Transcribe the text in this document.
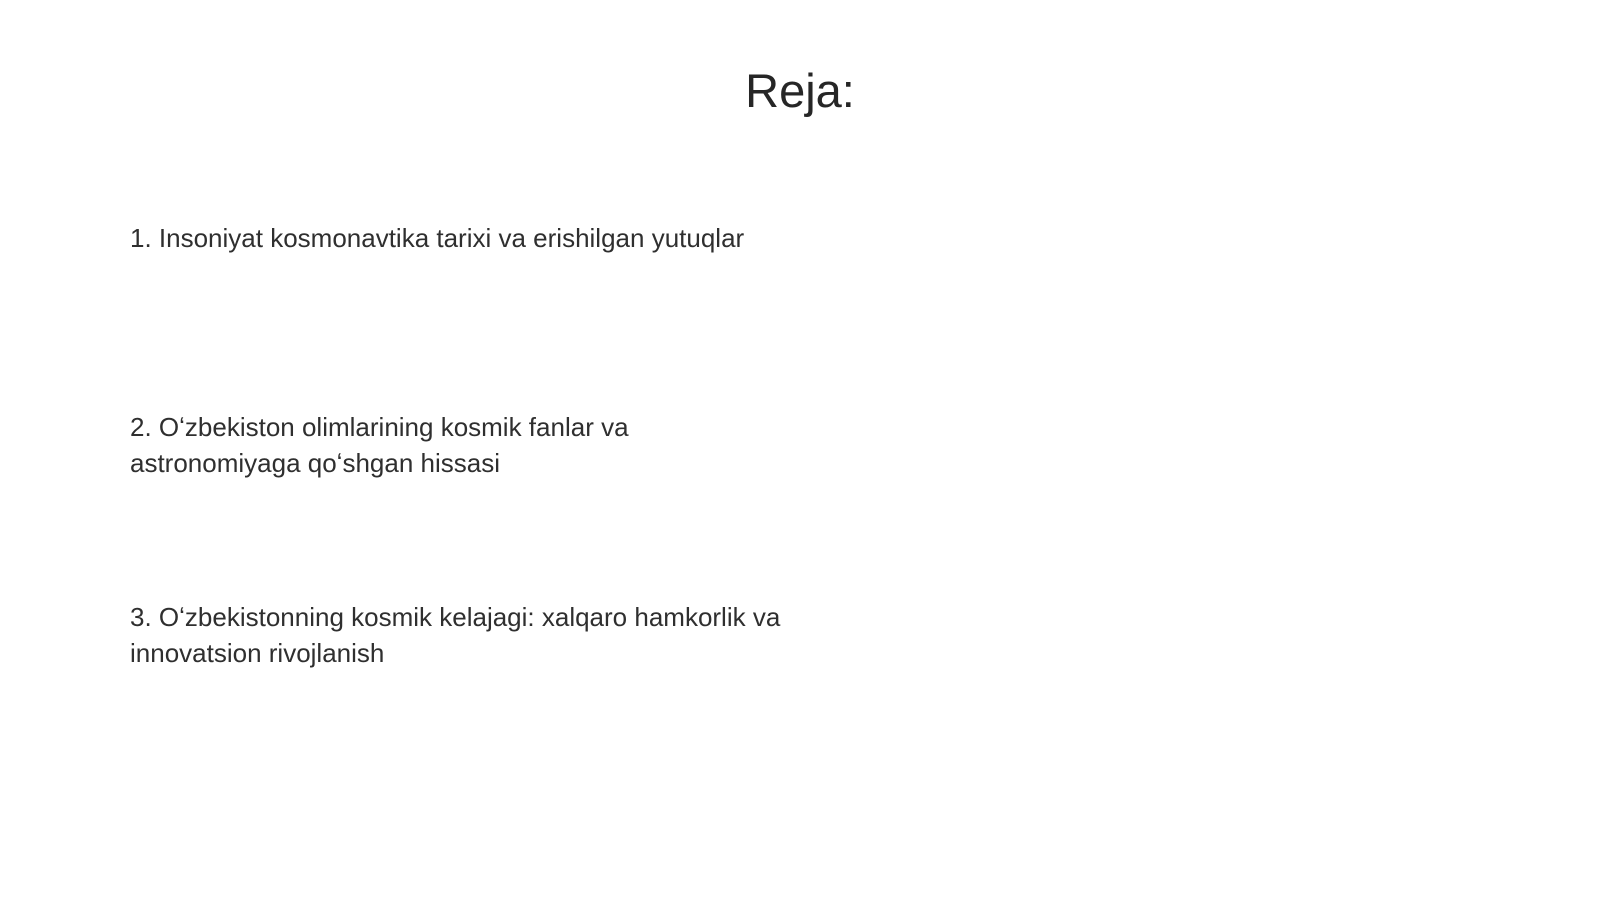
Reja:
1. Insoniyat kosmonavtika tarixi va erishilgan yutuqlar
2. Oʻzbekiston olimlarining kosmik fanlar va astronomiyaga qoʻshgan hissasi
3. Oʻzbekistonning kosmik kelajagi: xalqaro hamkorlik va innovatsion rivojlanish
